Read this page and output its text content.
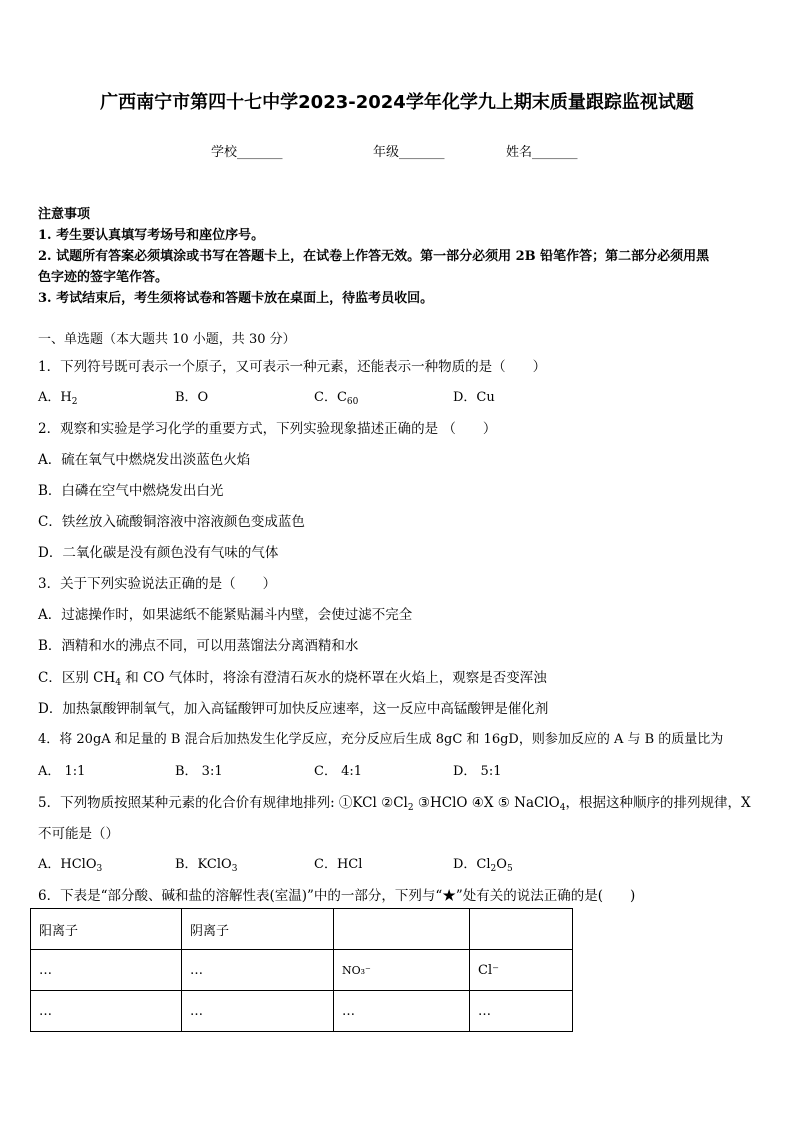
广西南宁市第四十七中学2023-2024学年化学九上期末质量跟踪监视试题
学校_______	年级_______	姓名_______
注意事项
1. 考生要认真填写考场号和座位序号。
2. 试题所有答案必须填涂或书写在答题卡上，在试卷上作答无效。第一部分必须用 2B 铅笔作答；第二部分必须用黑
色字迹的签字笔作答。
3. 考试结束后，考生须将试卷和答题卡放在桌面上，待监考员收回。
一、单选题（本大题共 10 小题，共 30 分）
1．下列符号既可表示一个原子，又可表示一种元素，还能表示一种物质的是（　　）
A．$H_2$	B．O	C．$C_{60}$	D．Cu
2．观察和实验是学习化学的重要方式，下列实验现象描述正确的是 （　　）
A．硫在氧气中燃烧发出淡蓝色火焰
B．白磷在空气中燃烧发出白光
C．铁丝放入硫酸铜溶液中溶液颜色变成蓝色
D．二氧化碳是没有颜色没有气味的气体
3．关于下列实验说法正确的是（　　）
A．过滤操作时，如果滤纸不能紧贴漏斗内壁，会使过滤不完全
B．酒精和水的沸点不同，可以用蒸馏法分离酒精和水
C．区别 $CH_4$ 和 CO 气体时，将涂有澄清石灰水的烧杯罩在火焰上，观察是否变浑浊
D．加热氯酸钾制氧气，加入高锰酸钾可加快反应速率，这一反应中高锰酸钾是催化剂
4．将 20gA 和足量的 B 混合后加热发生化学反应，充分反应后生成 8gC 和 16gD，则参加反应的 A 与 B 的质量比为
A． 1:1	B． 3:1	C． 4:1	D． 5:1
5．下列物质按照某种元素的化合价有规律地排列: ①KCl $②Cl_2$ ③HClO ④X ⑤ NaClO$_4$，根据这种顺序的排列规律，X
不可能是（）
A．HClO$_3$	B．KClO$_3$	C．HCl	D．$Cl_2O_5$
6．下表是“部分酸、碱和盐的溶解性表(室温)”中的一部分，下列与“★”处有关的说法正确的是(　　)
阳离子	阴离子		
…	…	NO₃⁻	Cl⁻
…	…	…	…
